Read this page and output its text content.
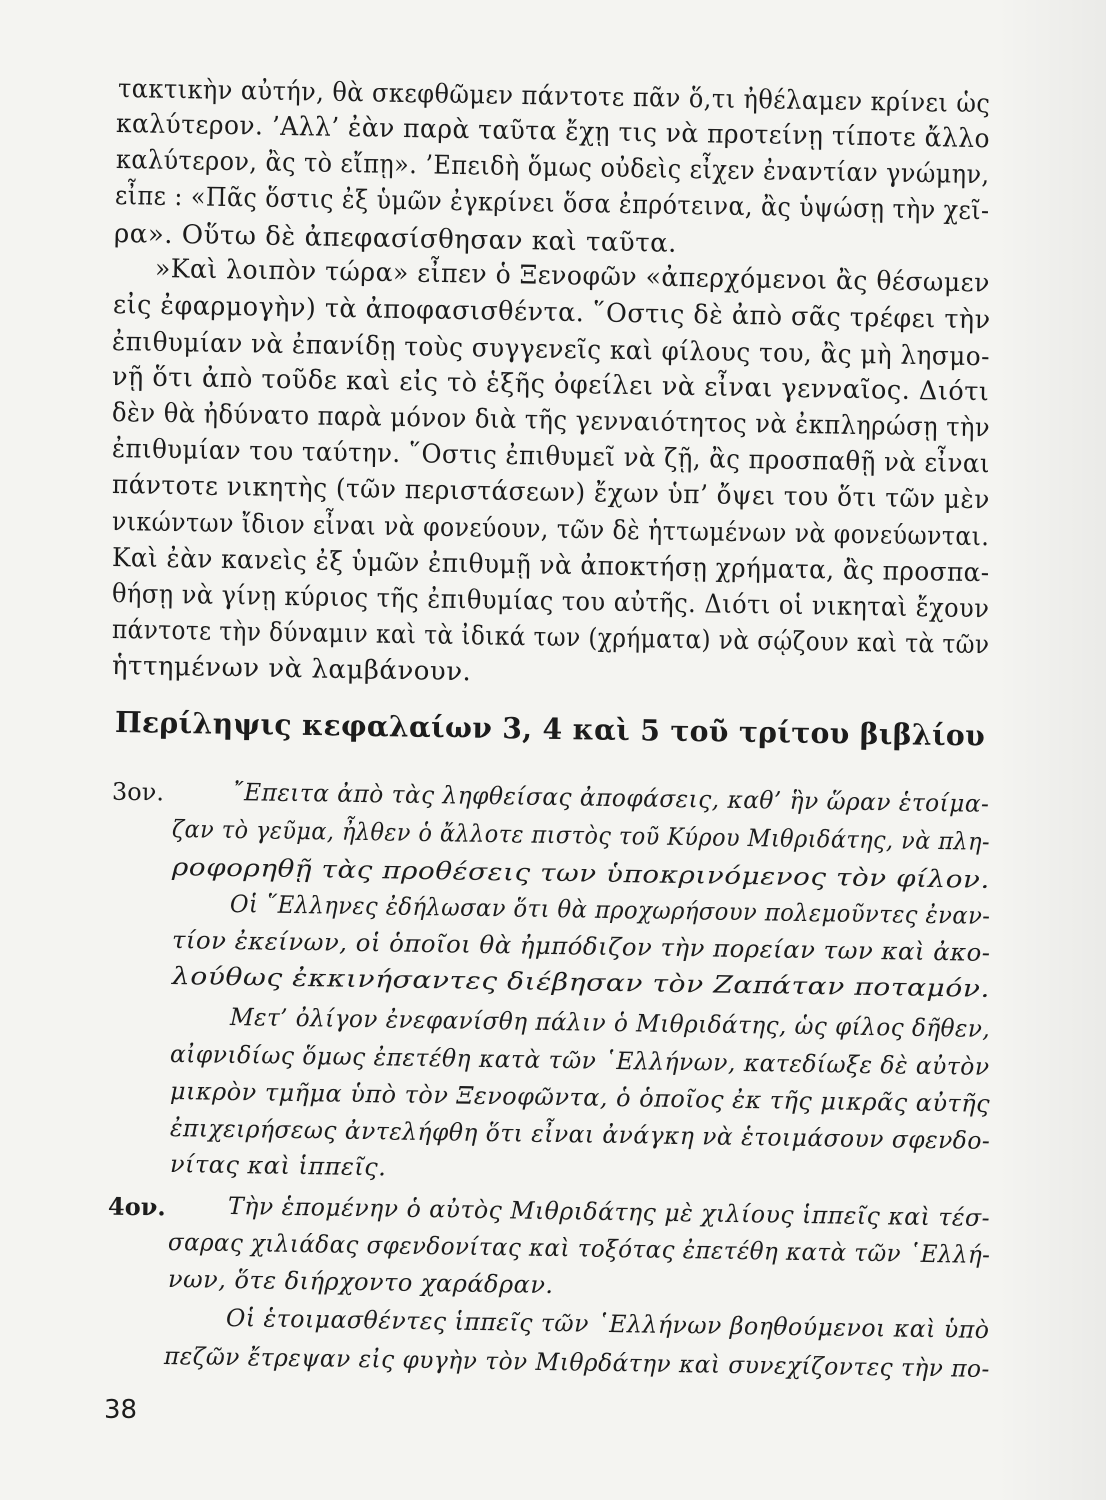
τακτικὴν αὐτήν, θὰ σκεφθῶμεν πάντοτε πᾶν ὅ,τι ἠθέλαμεν κρίνει ὡς
καλύτερον. ’Αλλ’ ἐὰν παρὰ ταῦτα ἔχῃ τις νὰ προτείνῃ τίποτε ἄλλο
καλύτερον, ἂς τὸ εἴπῃ». ’Επειδὴ ὅμως οὐδεὶς εἶχεν ἐναντίαν γνώμην,
εἶπε : «Πᾶς ὅστις ἐξ ὑμῶν ἐγκρίνει ὅσα ἐπρότεινα, ἂς ὑψώσῃ τὴν χεῖ-
ρα». Οὕτω δὲ ἀπεφασίσθησαν καὶ ταῦτα.
»Καὶ λοιπὸν τώρα» εἶπεν ὁ Ξενοφῶν «ἀπερχόμενοι ἂς θέσωμεν
εἰς ἐφαρμογὴν) τὰ ἀποφασισθέντα. ῞Οστις δὲ ἀπὸ σᾶς τρέφει τὴν
ἐπιθυμίαν νὰ ἐπανίδῃ τοὺς συγγενεῖς καὶ φίλους του, ἂς μὴ λησμο-
νῇ ὅτι ἀπὸ τοῦδε καὶ εἰς τὸ ἑξῆς ὀφείλει νὰ εἶναι γενναῖος. Διότι
δὲν θὰ ἠδύνατο παρὰ μόνον διὰ τῆς γενναιότητος νὰ ἐκπληρώσῃ τὴν
ἐπιθυμίαν του ταύτην. ῞Οστις ἐπιθυμεῖ νὰ ζῇ, ἂς προσπαθῇ νὰ εἶναι
πάντοτε νικητὴς (τῶν περιστάσεων) ἔχων ὑπ’ ὄψει του ὅτι τῶν μὲν
νικώντων ἴδιον εἶναι νὰ φονεύουν, τῶν δὲ ἡττωμένων νὰ φονεύωνται.
Καὶ ἐὰν κανεὶς ἐξ ὑμῶν ἐπιθυμῇ νὰ ἀποκτήσῃ χρήματα, ἂς προσπα-
θήσῃ νὰ γίνῃ κύριος τῆς ἐπιθυμίας του αὐτῆς. Διότι οἱ νικηταὶ ἔχουν
πάντοτε τὴν δύναμιν καὶ τὰ ἰδικά των (χρήματα) νὰ σῴζουν καὶ τὰ τῶν
ἡττημένων νὰ λαμβάνουν.
Περίληψις κεφαλαίων 3, 4 καὶ 5 τοῦ τρίτου βιβλίου
3ον.	῎Επειτα ἀπὸ τὰς ληφθείσας ἀποφάσεις, καθ’ ἣν ὥραν ἑτοίμα-
ζαν τὸ γεῦμα, ἦλθεν ὁ ἄλλοτε πιστὸς τοῦ Κύρου Μιθριδάτης, νὰ πλη-
ροφορηθῇ τὰς προθέσεις των ὑποκρινόμενος τὸν φίλον.
Οἱ ῞Ελληνες ἐδήλωσαν ὅτι θὰ προχωρήσουν πολεμοῦντες ἐναν-
τίον ἐκείνων, οἱ ὁποῖοι θὰ ἠμπόδιζον τὴν πορείαν των καὶ ἀκο-
λούθως ἐκκινήσαντες διέβησαν τὸν Ζαπάταν ποταμόν.
Μετ’ ὀλίγον ἐνεφανίσθη πάλιν ὁ Μιθριδάτης, ὡς φίλος δῆθεν,
αἰφνιδίως ὅμως ἐπετέθη κατὰ τῶν ῾Ελλήνων, κατεδίωξε δὲ αὐτὸν
μικρὸν τμῆμα ὑπὸ τὸν Ξενοφῶντα, ὁ ὁποῖος ἐκ τῆς μικρᾶς αὐτῆς
ἐπιχειρήσεως ἀντελήφθη ὅτι εἶναι ἀνάγκη νὰ ἑτοιμάσουν σφενδο-
νίτας καὶ ἱππεῖς.
4ον.	Τὴν ἑπομένην ὁ αὐτὸς Μιθριδάτης μὲ χιλίους ἱππεῖς καὶ τέσ-
σαρας χιλιάδας σφενδονίτας καὶ τοξότας ἐπετέθη κατὰ τῶν ῾Ελλή-
νων, ὅτε διήρχοντο χαράδραν.
Οἱ ἑτοιμασθέντες ἱππεῖς τῶν ῾Ελλήνων βοηθούμενοι καὶ ὑπὸ
πεζῶν ἔτρεψαν εἰς φυγὴν τὸν Μιθρδάτην καὶ συνεχίζοντες τὴν πο-
38
